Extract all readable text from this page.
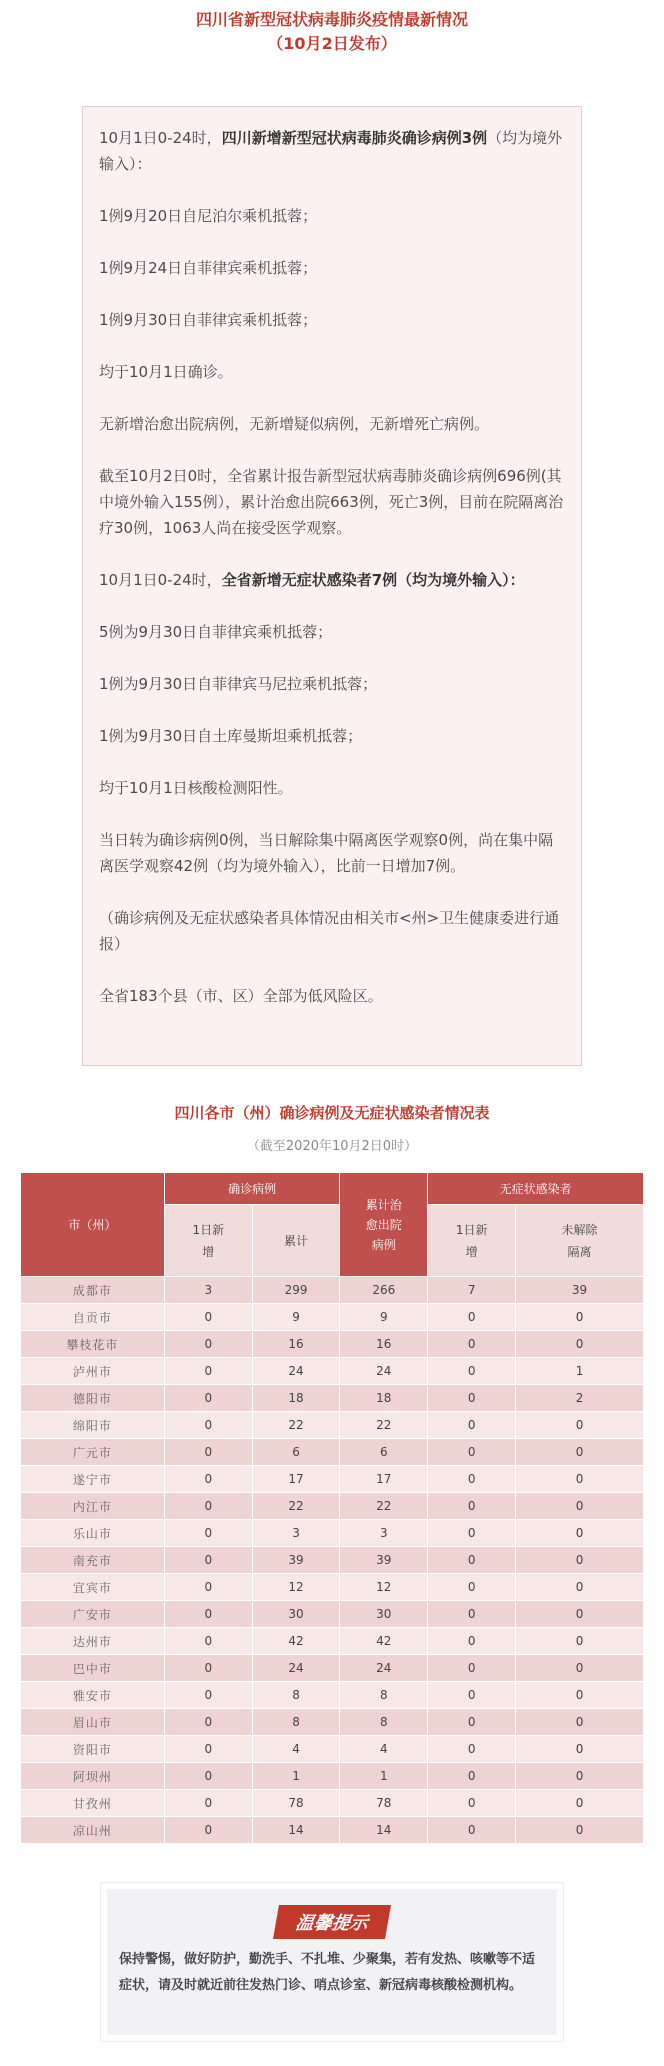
四川省新型冠状病毒肺炎疫情最新情况
（10月2日发布）

10月1日0-24时，四川新增新型冠状病毒肺炎确诊病例3例（均为境外输入）：

1例9月20日自尼泊尔乘机抵蓉；

1例9月24日自菲律宾乘机抵蓉；

1例9月30日自菲律宾乘机抵蓉；

均于10月1日确诊。

无新增治愈出院病例，无新增疑似病例，无新增死亡病例。

截至10月2日0时，全省累计报告新型冠状病毒肺炎确诊病例696例(其中境外输入155例），累计治愈出院663例，死亡3例，目前在院隔离治疗30例，1063人尚在接受医学观察。

10月1日0-24时，全省新增无症状感染者7例（均为境外输入）：

5例为9月30日自菲律宾乘机抵蓉；

1例为9月30日自菲律宾马尼拉乘机抵蓉；

1例为9月30日自土库曼斯坦乘机抵蓉；

均于10月1日核酸检测阳性。

当日转为确诊病例0例，当日解除集中隔离医学观察0例，尚在集中隔离医学观察42例（均为境外输入），比前一日增加7例。

（确诊病例及无症状感染者具体情况由相关市<州>卫生健康委进行通报）

全省183个县（市、区）全部为低风险区。

四川各市（州）确诊病例及无症状感染者情况表
（截至2020年10月2日0时）
市（州）	确诊病例		累计治愈出院病例	无症状感染者	
	1日新增	累计		1日新增	未解除隔离
成都市	3	299	266	7	39
自贡市	0	9	9	0	0
攀枝花市	0	16	16	0	0
泸州市	0	24	24	0	1
德阳市	0	18	18	0	2
绵阳市	0	22	22	0	0
广元市	0	6	6	0	0
遂宁市	0	17	17	0	0
内江市	0	22	22	0	0
乐山市	0	3	3	0	0
南充市	0	39	39	0	0
宜宾市	0	12	12	0	0
广安市	0	30	30	0	0
达州市	0	42	42	0	0
巴中市	0	24	24	0	0
雅安市	0	8	8	0	0
眉山市	0	8	8	0	0
资阳市	0	4	4	0	0
阿坝州	0	1	1	0	0
甘孜州	0	78	78	0	0
凉山州	0	14	14	0	0
温馨提示
保持警惕，做好防护，勤洗手、不扎堆、少聚集，若有发热、咳嗽等不适症状，请及时就近前往发热门诊、哨点诊室、新冠病毒核酸检测机构。
